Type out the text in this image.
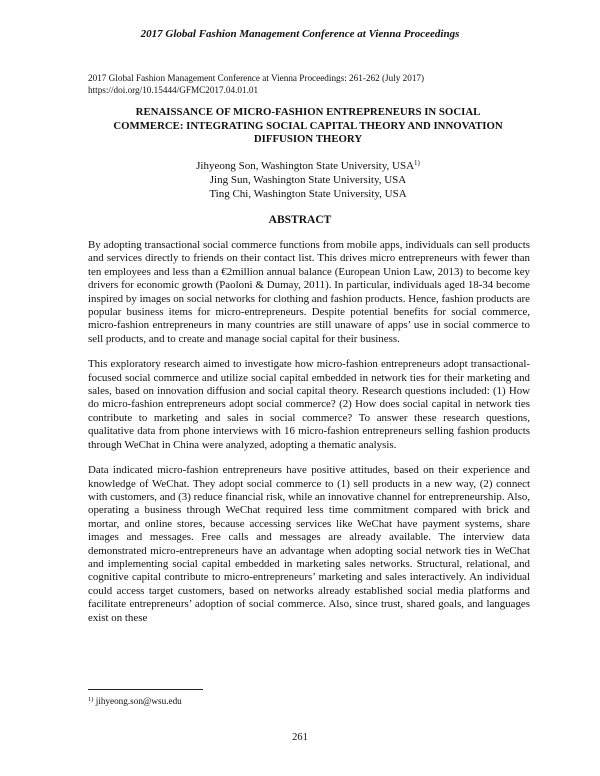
2017 Global Fashion Management Conference at Vienna Proceedings
2017 Global Fashion Management Conference at Vienna Proceedings: 261-262 (July 2017)
https://doi.org/10.15444/GFMC2017.04.01.01
RENAISSANCE OF MICRO-FASHION ENTREPRENEURS IN SOCIAL
COMMERCE: INTEGRATING SOCIAL CAPITAL THEORY AND INNOVATION
DIFFUSION THEORY
Jihyeong Son, Washington State University, USA$^{1)}$
Jing Sun, Washington State University, USA
Ting Chi, Washington State University, USA
ABSTRACT

By adopting transactional social commerce functions from mobile apps, individuals can sell products and services directly to friends on their contact list. This drives micro entrepreneurs with fewer than ten employees and less than a €2million annual balance (European Union Law, 2013) to become key drivers for economic growth (Paoloni & Dumay, 2011). In particular, individuals aged 18-34 become inspired by images on social networks for clothing and fashion products. Hence, fashion products are popular business items for micro-entrepreneurs. Despite potential benefits for social commerce, micro-fashion entrepreneurs in many countries are still unaware of apps’ use in social commerce to sell products, and to create and manage social capital for their business.

This exploratory research aimed to investigate how micro-fashion entrepreneurs adopt transactional-focused social commerce and utilize social capital embedded in network ties for their marketing and sales, based on innovation diffusion and social capital theory. Research questions included: (1) How do micro-fashion entrepreneurs adopt social commerce? (2) How does social capital in network ties contribute to marketing and sales in social commerce? To answer these research questions, qualitative data from phone interviews with 16 micro-fashion entrepreneurs selling fashion products through WeChat in China were analyzed, adopting a thematic analysis.

Data indicated micro-fashion entrepreneurs have positive attitudes, based on their experience and knowledge of WeChat. They adopt social commerce to (1) sell products in a new way, (2) connect with customers, and (3) reduce financial risk, while an innovative channel for entrepreneurship. Also, operating a business through WeChat required less time commitment compared with brick and mortar, and online stores, because accessing services like WeChat have payment systems, share images and messages. Free calls and messages are already available. The interview data demonstrated micro-entrepreneurs have an advantage when adopting social network ties in WeChat and implementing social capital embedded in marketing sales networks. Structural, relational, and cognitive capital contribute to micro-entrepreneurs’ marketing and sales interactively. An individual could access target customers, based on networks already established social media platforms and facilitate entrepreneurs’ adoption of social commerce. Also, since trust, shared goals, and languages exist on these

$^{1)}$ jihyeong.son@wsu.edu
261
